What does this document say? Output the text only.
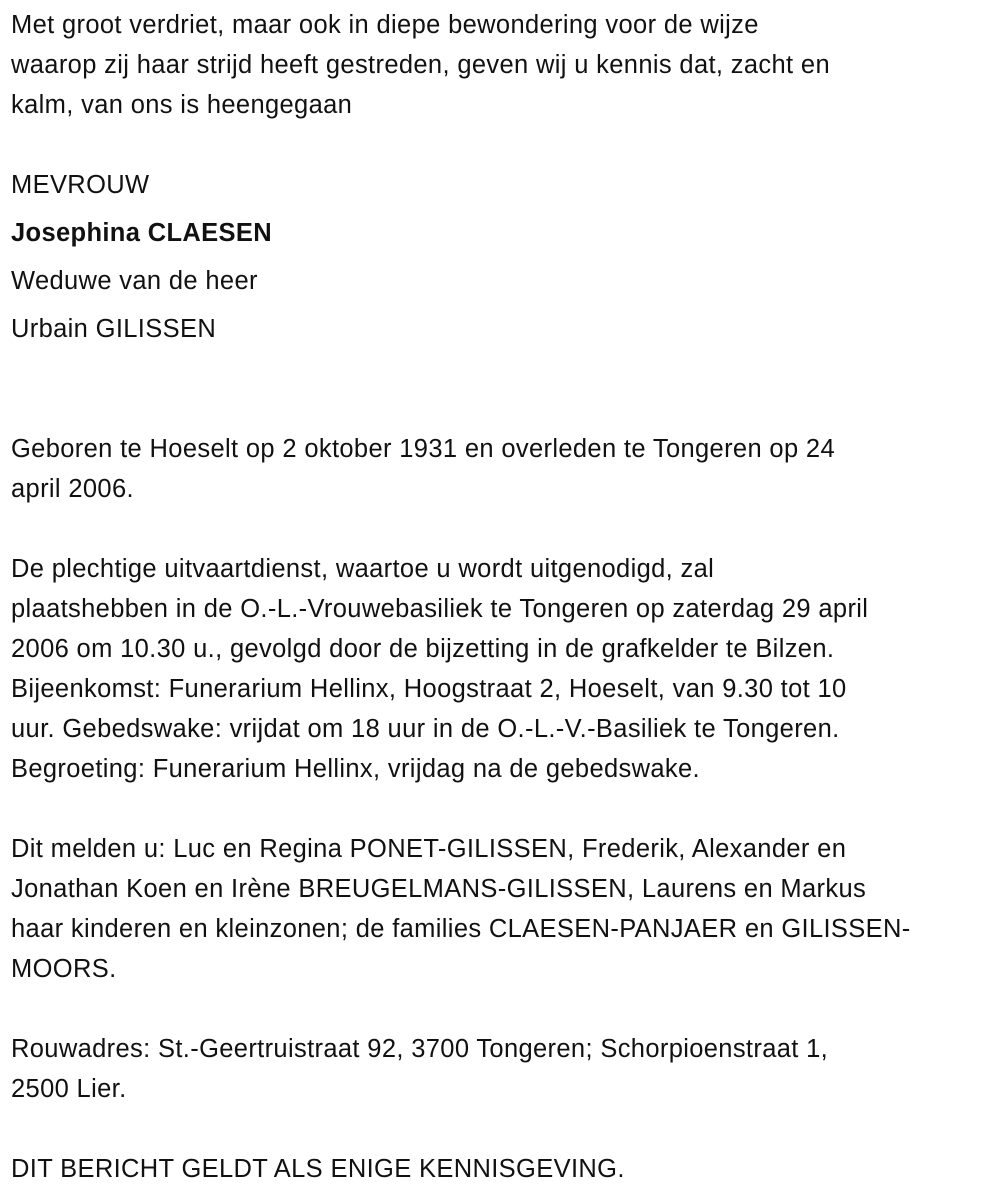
Met groot verdriet, maar ook in diepe bewondering voor de wijze
waarop zij haar strijd heeft gestreden, geven wij u kennis dat, zacht en
kalm, van ons is heengegaan
MEVROUW
Josephina CLAESEN
Weduwe van de heer
Urbain GILISSEN
Geboren te Hoeselt op 2 oktober 1931 en overleden te Tongeren op 24
april 2006.
De plechtige uitvaartdienst, waartoe u wordt uitgenodigd, zal
plaatshebben in de O.-L.-Vrouwebasiliek te Tongeren op zaterdag 29 april
2006 om 10.30 u., gevolgd door de bijzetting in de grafkelder te Bilzen.
Bijeenkomst: Funerarium Hellinx, Hoogstraat 2, Hoeselt, van 9.30 tot 10
uur. Gebedswake: vrijdat om 18 uur in de O.-L.-V.-Basiliek te Tongeren.
Begroeting: Funerarium Hellinx, vrijdag na de gebedswake.
Dit melden u: Luc en Regina PONET-GILISSEN, Frederik, Alexander en
Jonathan Koen en Irène BREUGELMANS-GILISSEN, Laurens en Markus
haar kinderen en kleinzonen; de families CLAESEN-PANJAER en GILISSEN-
MOORS.
Rouwadres: St.-Geertruistraat 92, 3700 Tongeren; Schorpioenstraat 1,
2500 Lier.
DIT BERICHT GELDT ALS ENIGE KENNISGEVING.
